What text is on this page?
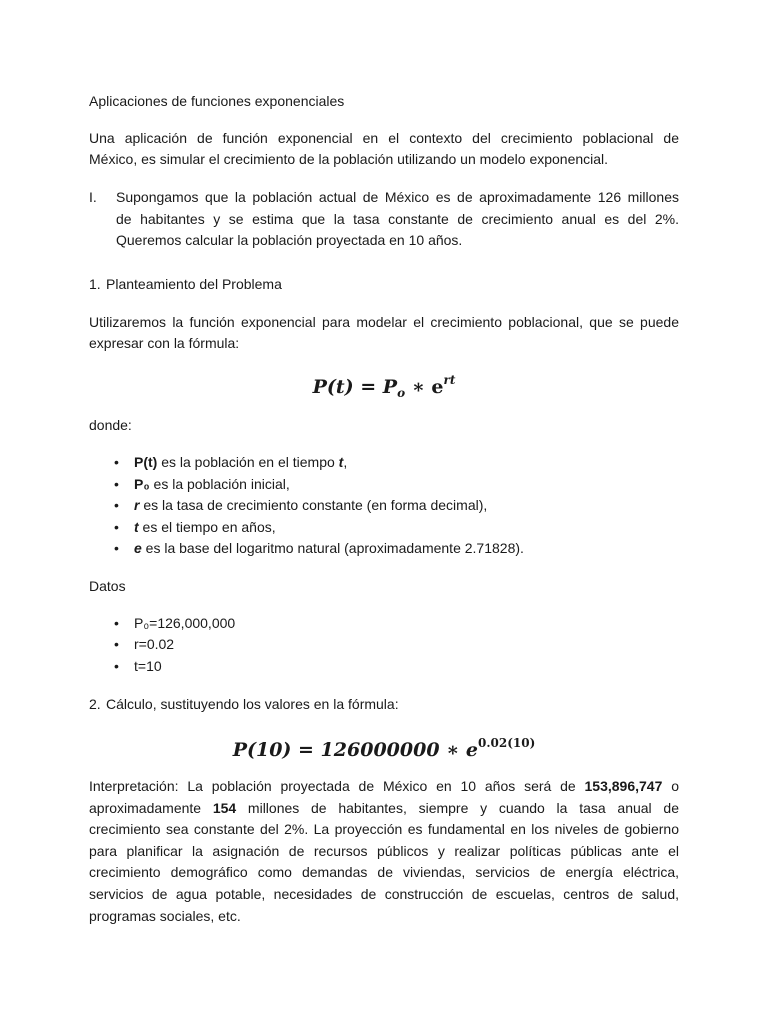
Aplicaciones de funciones exponenciales
Una aplicación de función exponencial en el contexto del crecimiento poblacional de
México, es simular el crecimiento de la población utilizando un modelo exponencial.
I. Supongamos que la población actual de México es de aproximadamente 126 millones
de habitantes y se estima que la tasa constante de crecimiento anual es del 2%.
Queremos calcular la población proyectada en 10 años.
1. Planteamiento del Problema
Utilizaremos la función exponencial para modelar el crecimiento poblacional, que se puede
expresar con la fórmula:
$P(t) = P_o$ ∗ $e^{rt}$
donde:
• P(t) es la población en el tiempo t,
• P₀ es la población inicial,
• r es la tasa de crecimiento constante (en forma decimal),
• t es el tiempo en años,
• e es la base del logaritmo natural (aproximadamente 2.71828).
Datos
• P₀=126,000,000
• r=0.02
• t=10
2. Cálculo, sustituyendo los valores en la fórmula:
P(10) = 126000000 ∗ $e^{0.02(10)}$
Interpretación: La población proyectada de México en 10 años será de 153,896,747 o
aproximadamente 154 millones de habitantes, siempre y cuando la tasa anual de
crecimiento sea constante del 2%. La proyección es fundamental en los niveles de gobierno
para planificar la asignación de recursos públicos y realizar políticas públicas ante el
crecimiento demográfico como demandas de viviendas, servicios de energía eléctrica,
servicios de agua potable, necesidades de construcción de escuelas, centros de salud,
programas sociales, etc.
